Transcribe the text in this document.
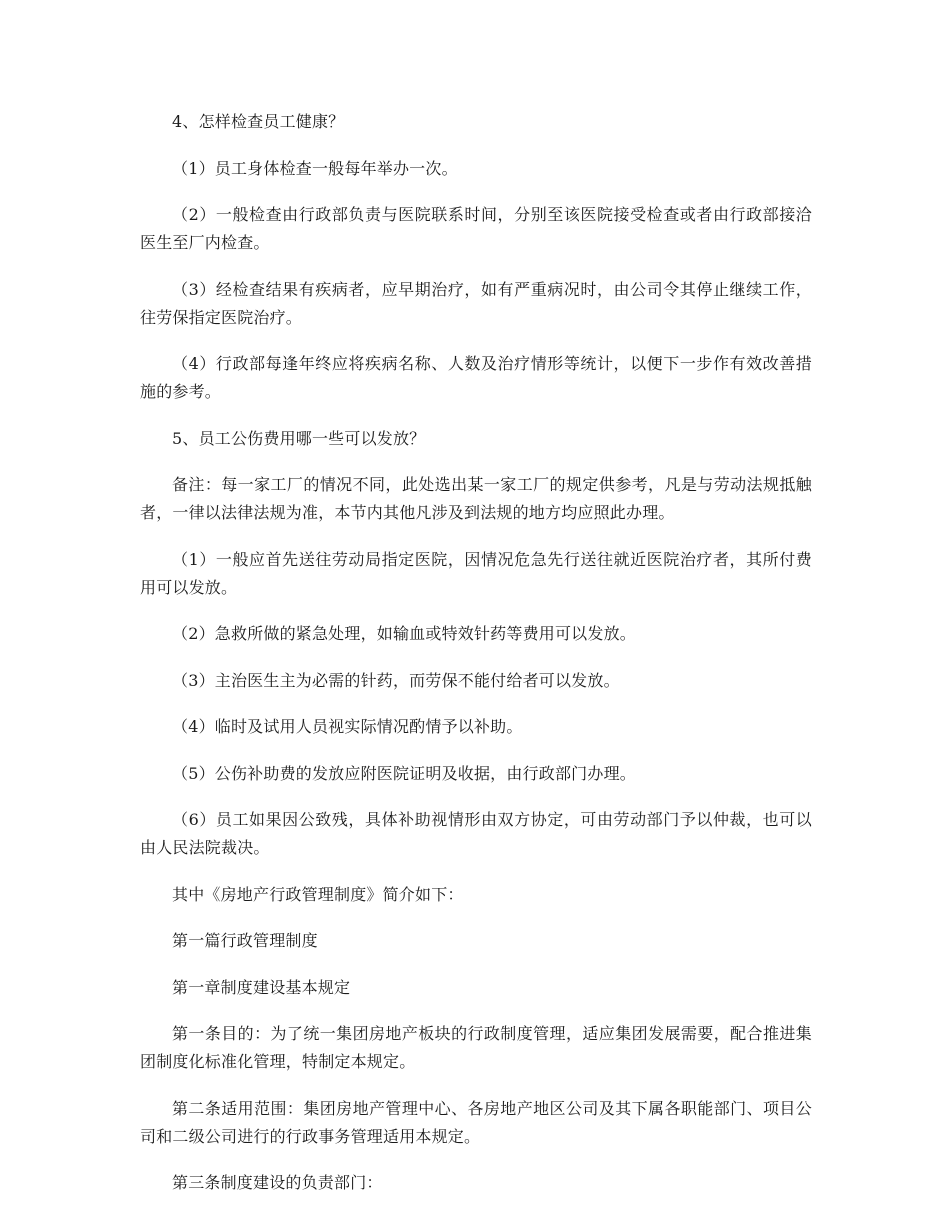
4、怎样检查员工健康？

（1）员工身体检查一般每年举办一次。

（2）一般检查由行政部负责与医院联系时间，分别至该医院接受检查或者由行政部接洽医生至厂内检查。

（3）经检查结果有疾病者，应早期治疗，如有严重病况时，由公司令其停止继续工作，往劳保指定医院治疗。

（4）行政部每逢年终应将疾病名称、人数及治疗情形等统计，以便下一步作有效改善措施的参考。

5、员工公伤费用哪一些可以发放？

备注：每一家工厂的情况不同，此处选出某一家工厂的规定供参考，凡是与劳动法规抵触者，一律以法律法规为准，本节内其他凡涉及到法规的地方均应照此办理。

（1）一般应首先送往劳动局指定医院，因情况危急先行送往就近医院治疗者，其所付费用可以发放。

（2）急救所做的紧急处理，如输血或特效针药等费用可以发放。

（3）主治医生主为必需的针药，而劳保不能付给者可以发放。

（4）临时及试用人员视实际情况酌情予以补助。

（5）公伤补助费的发放应附医院证明及收据，由行政部门办理。

（6）员工如果因公致残，具体补助视情形由双方协定，可由劳动部门予以仲裁，也可以由人民法院裁决。

其中《房地产行政管理制度》简介如下：

第一篇行政管理制度

第一章制度建设基本规定

第一条目的：为了统一集团房地产板块的行政制度管理，适应集团发展需要，配合推进集团制度化标准化管理，特制定本规定。

第二条适用范围：集团房地产管理中心、各房地产地区公司及其下属各职能部门、项目公司和二级公司进行的行政事务管理适用本规定。

第三条制度建设的负责部门：
